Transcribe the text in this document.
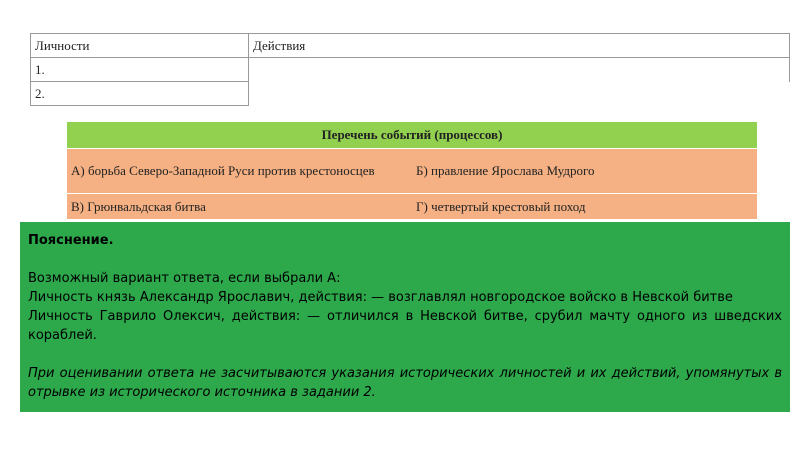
Личности	Действия
1.	
2.	
Перечень событий (процессов)	
А) борьба Северо-Западной Руси против крестоносцев	Б) правление Ярослава Мудрого
В) Грюнвальдская битва	Г) четвертый крестовый поход

Пояснение.

Возможный вариант ответа, если выбрали А:

Личность князь Александр Ярославич, действия: — возглавлял новгородское войско в Невской битве

Личность Гаврило Олексич, действия: — отличился в Невской битве, срубил мачту одного из шведских кораблей.

При оценивании ответа не засчитываются указания исторических личностей и их действий, упомянутых в отрывке из исторического источника в задании 2.
